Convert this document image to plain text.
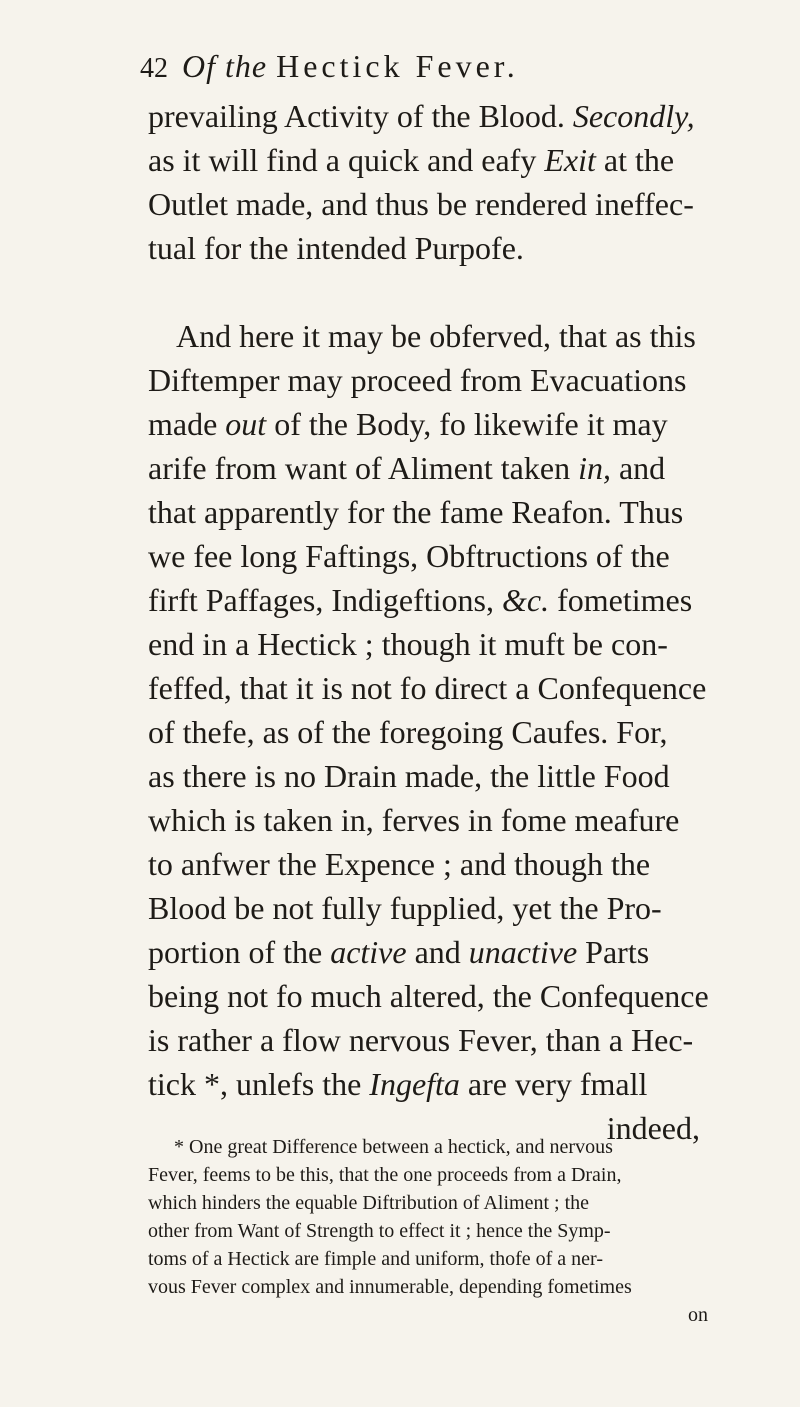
42 Of the Hectick Fever.
prevailing Activity of the Blood. Secondly,
as it will find a quick and eafy Exit at the
Outlet made, and thus be rendered ineffec-
tual for the intended Purpofe.
And here it may be obferved, that as this
Diftemper may proceed from Evacuations
made out of the Body, fo likewife it may
arife from want of Aliment taken in, and
that apparently for the fame Reafon. Thus
we fee long Faftings, Obftructions of the
firft Paffages, Indigeftions, &c. fometimes
end in a Hectick ; though it muft be con-
feffed, that it is not fo direct a Confequence
of thefe, as of the foregoing Caufes. For,
as there is no Drain made, the little Food
which is taken in, ferves in fome meafure
to anfwer the Expence ; and though the
Blood be not fully fupplied, yet the Pro-
portion of the active and unactive Parts
being not fo much altered, the Confequence
is rather a flow nervous Fever, than a Hec-
tick *, unlefs the Ingefta are very fmall
indeed,
* One great Difference between a hectick, and nervous
Fever, feems to be this, that the one proceeds from a Drain,
which hinders the equable Diftribution of Aliment ; the
other from Want of Strength to effect it ; hence the Symp-
toms of a Hectick are fimple and uniform, thofe of a ner-
vous Fever complex and innumerable, depending fometimes
on
